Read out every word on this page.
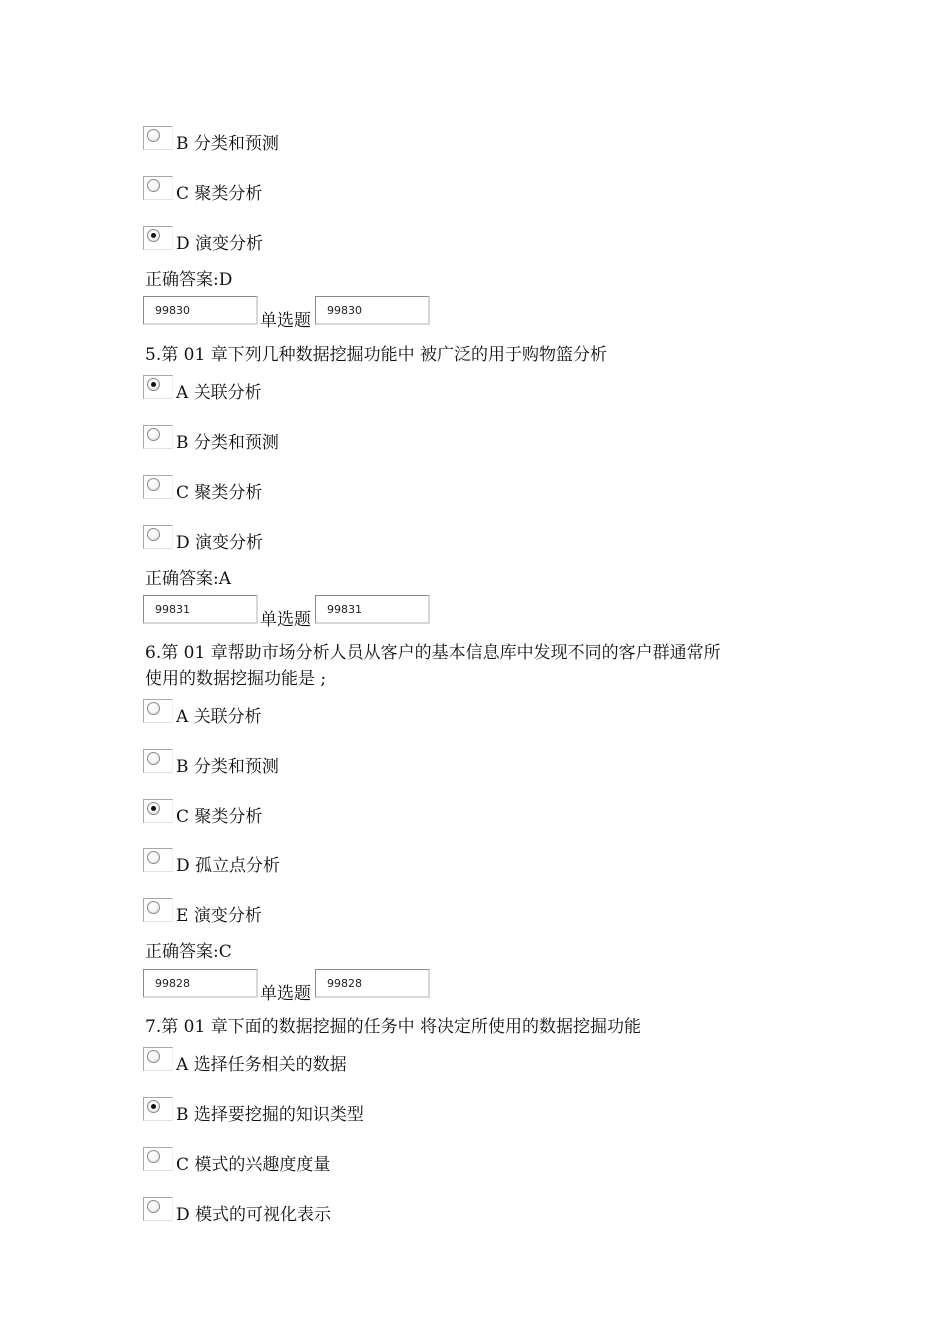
B 分类和预测
C 聚类分析
D 演变分析
正确答案:D
99830
单选题
99830
5.第 01 章下列几种数据挖掘功能中 被广泛的用于购物篮分析
A 关联分析
B 分类和预测
C 聚类分析
D 演变分析
正确答案:A
99831
单选题
99831
6.第 01 章帮助市场分析人员从客户的基本信息库中发现不同的客户群通常所
使用的数据挖掘功能是 ;
A 关联分析
B 分类和预测
C 聚类分析
D 孤立点分析
E 演变分析
正确答案:C
99828
单选题
99828
7.第 01 章下面的数据挖掘的任务中 将决定所使用的数据挖掘功能
A 选择任务相关的数据
B 选择要挖掘的知识类型
C 模式的兴趣度度量
D 模式的可视化表示
